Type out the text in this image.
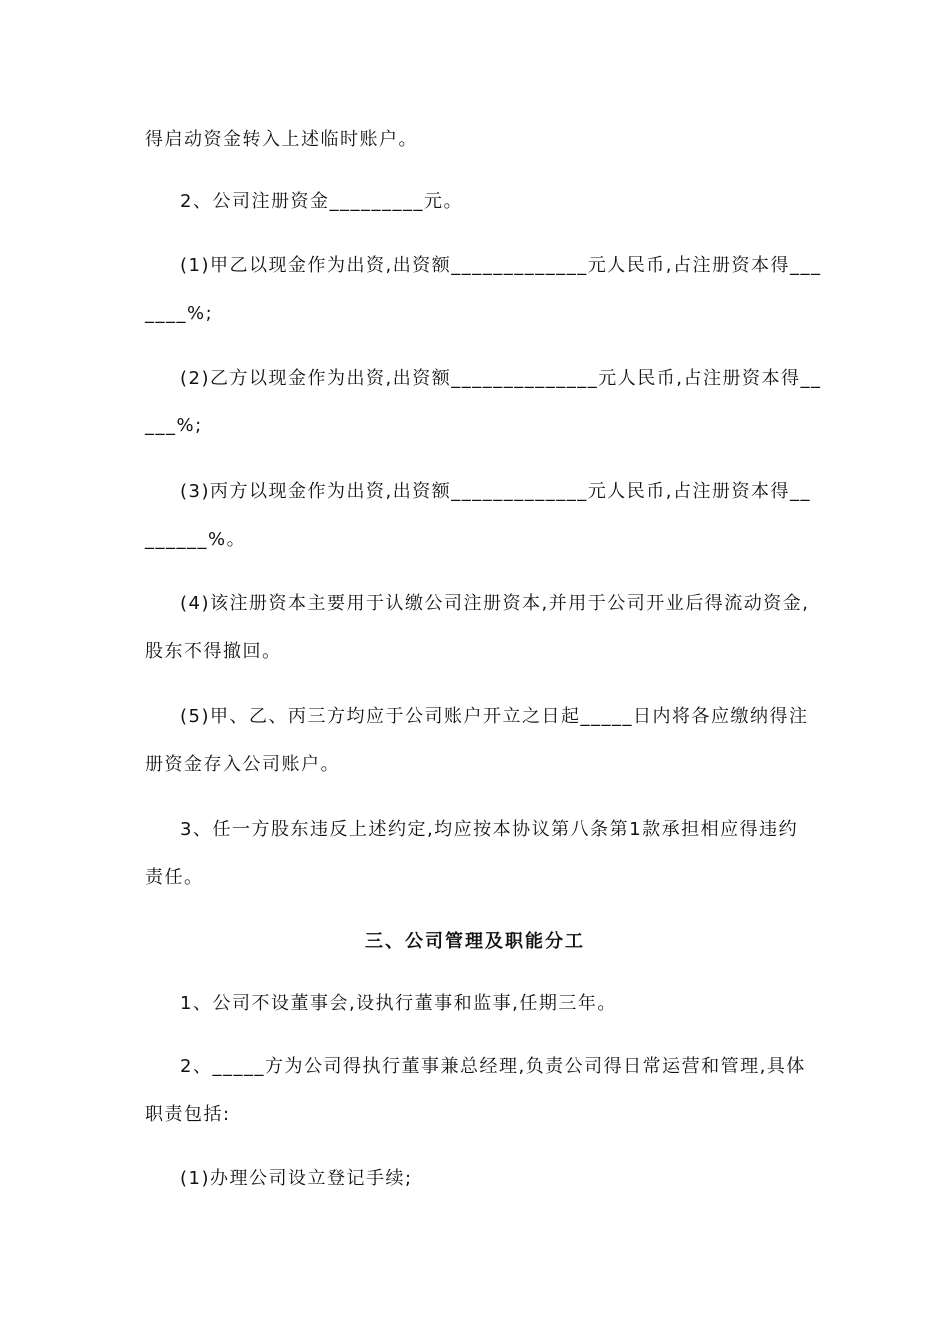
得启动资金转入上述临时账户。
2、公司注册资金_________元。
(1)甲乙以现金作为出资,出资额_____________元人民币,占注册资本得___
____%;
(2)乙方以现金作为出资,出资额______________元人民币,占注册资本得__
___%;
(3)丙方以现金作为出资,出资额_____________元人民币,占注册资本得__
______%。
(4)该注册资本主要用于认缴公司注册资本,并用于公司开业后得流动资金,
股东不得撤回。
(5)甲、乙、丙三方均应于公司账户开立之日起_____日内将各应缴纳得注
册资金存入公司账户。
3、任一方股东违反上述约定,均应按本协议第八条第1款承担相应得违约
责任。
三、公司管理及职能分工
1、公司不设董事会,设执行董事和监事,任期三年。
2、_____方为公司得执行董事兼总经理,负责公司得日常运营和管理,具体
职责包括:
(1)办理公司设立登记手续;
